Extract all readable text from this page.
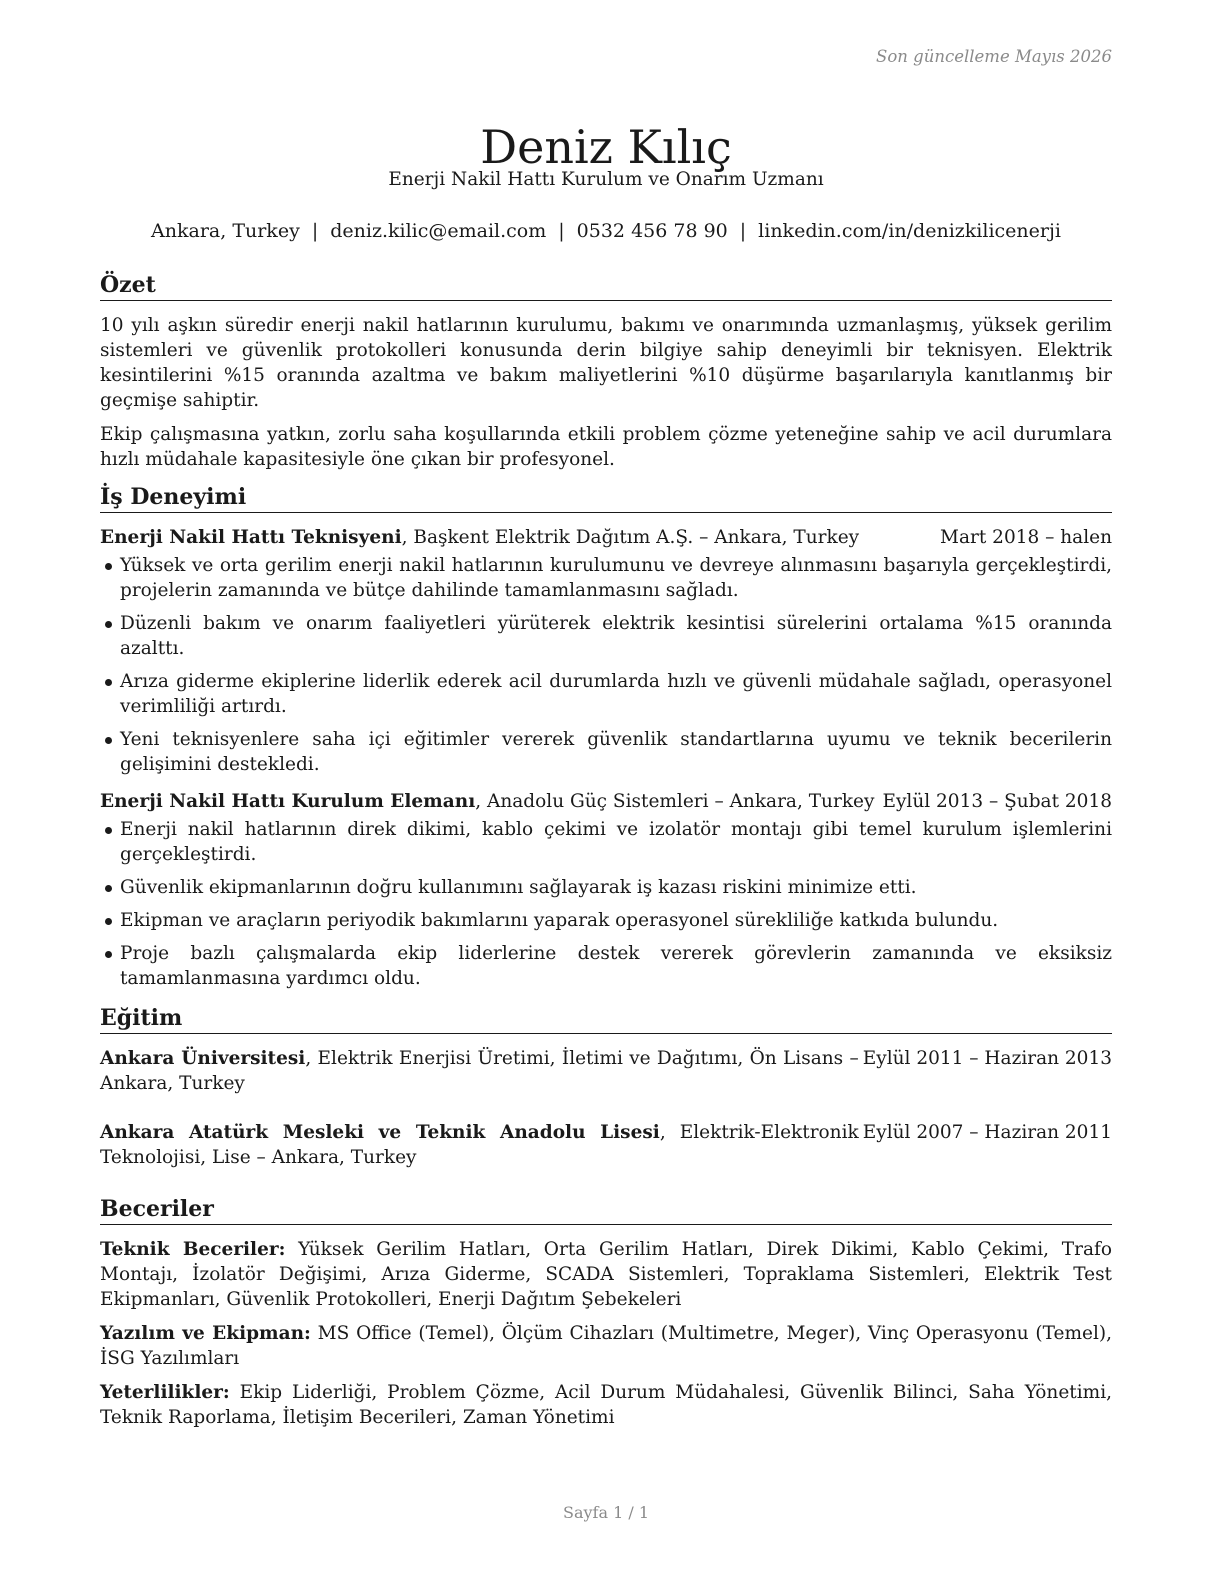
Son güncelleme Mayıs 2026
Deniz Kılıç
Enerji Nakil Hattı Kurulum ve Onarım Uzmanı
Ankara, Turkey | deniz.kilic@email.com | 0532 456 78 90 | linkedin.com/in/denizkilicenerji
Özet

10 yılı aşkın süredir enerji nakil hatlarının kurulumu, bakımı ve onarımında uzmanlaşmış, yüksek gerilim sistemleri ve güvenlik protokolleri konusunda derin bilgiye sahip deneyimli bir teknisyen. Elektrik kesintilerini %15 oranında azaltma ve bakım maliyetlerini %10 düşürme başarılarıyla kanıtlanmış bir geçmişe sahiptir.

Ekip çalışmasına yatkın, zorlu saha koşullarında etkili problem çözme yeteneğine sahip ve acil durumlara hızlı müdahale kapasitesiyle öne çıkan bir profesyonel.

İş Deneyimi
Enerji Nakil Hattı Teknisyeni, Başkent Elektrik Dağıtım A.Ş. – Ankara, Turkey	Mart 2018 – halen
Yüksek ve orta gerilim enerji nakil hatlarının kurulumunu ve devreye alınmasını başarıyla gerçekleştirdi, projelerin zamanında ve bütçe dahilinde tamamlanmasını sağladı.
Düzenli bakım ve onarım faaliyetleri yürüterek elektrik kesintisi sürelerini ortalama %15 oranında azalttı.
Arıza giderme ekiplerine liderlik ederek acil durumlarda hızlı ve güvenli müdahale sağladı, operasyonel verimliliği artırdı.
Yeni teknisyenlere saha içi eğitimler vererek güvenlik standartlarına uyumu ve teknik becerilerin gelişimini destekledi.
Enerji Nakil Hattı Kurulum Elemanı, Anadolu Güç Sistemleri – Ankara, Turkey Eylül 2013 – Şubat 2018
Enerji nakil hatlarının direk dikimi, kablo çekimi ve izolatör montajı gibi temel kurulum işlemlerini gerçekleştirdi.
Güvenlik ekipmanlarının doğru kullanımını sağlayarak iş kazası riskini minimize etti.
Ekipman ve araçların periyodik bakımlarını yaparak operasyonel sürekliliğe katkıda bulundu.
Proje bazlı çalışmalarda ekip liderlerine destek vererek görevlerin zamanında ve eksiksiz tamamlanmasına yardımcı oldu.
Eğitim
Ankara Üniversitesi, Elektrik Enerjisi Üretimi, İletimi ve Dağıtımı, Ön Lisans – Ankara, Turkey
Eylül 2011 – Haziran 2013
Ankara Atatürk Mesleki ve Teknik Anadolu Lisesi, Elektrik-Elektronik Teknolojisi, Lise – Ankara, Turkey
Eylül 2007 – Haziran 2011
Beceriler

Teknik Beceriler: Yüksek Gerilim Hatları, Orta Gerilim Hatları, Direk Dikimi, Kablo Çekimi, Trafo Montajı, İzolatör Değişimi, Arıza Giderme, SCADA Sistemleri, Topraklama Sistemleri, Elektrik Test Ekipmanları, Güvenlik Protokolleri, Enerji Dağıtım Şebekeleri

Yazılım ve Ekipman: MS Office (Temel), Ölçüm Cihazları (Multimetre, Meger), Vinç Operasyonu (Temel), İSG Yazılımları

Yeterlilikler: Ekip Liderliği, Problem Çözme, Acil Durum Müdahalesi, Güvenlik Bilinci, Saha Yönetimi, Teknik Raporlama, İletişim Becerileri, Zaman Yönetimi

Sayfa 1 / 1
